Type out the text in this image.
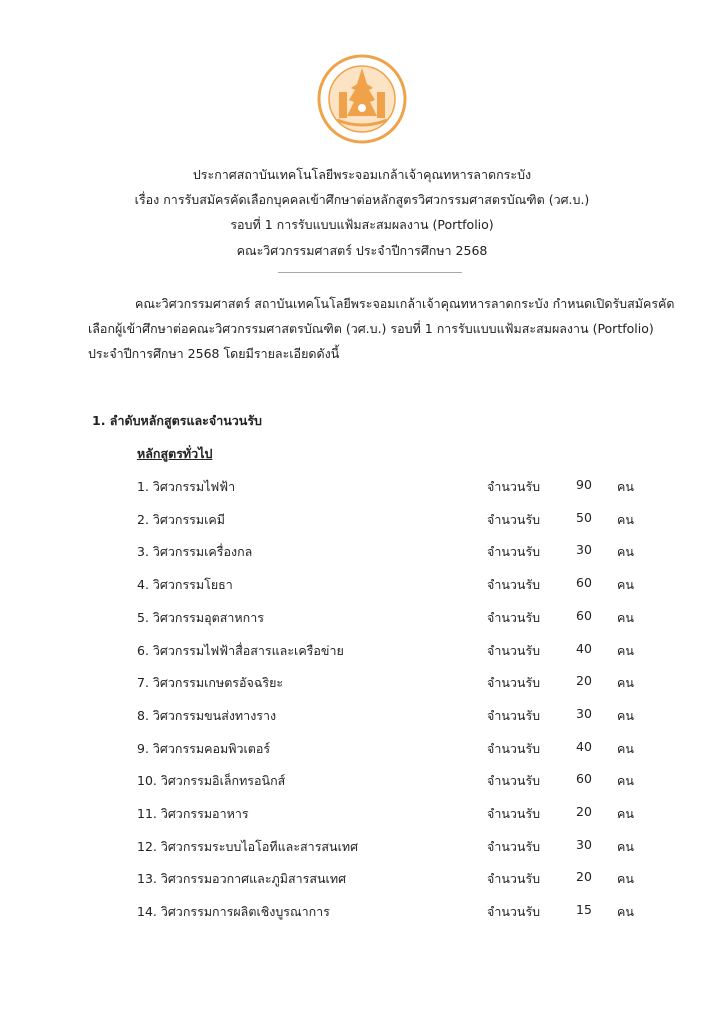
ประกาศสถาบันเทคโนโลยีพระจอมเกล้าเจ้าคุณทหารลาดกระบัง
เรื่อง การรับสมัครคัดเลือกบุคคลเข้าศึกษาต่อหลักสูตรวิศวกรรมศาสตรบัณฑิต (วศ.บ.)
รอบที่ 1 การรับแบบแฟ้มสะสมผลงาน (Portfolio)
คณะวิศวกรรมศาสตร์ ประจำปีการศึกษา 2568
คณะวิศวกรรมศาสตร์ สถาบันเทคโนโลยีพระจอมเกล้าเจ้าคุณทหารลาดกระบัง กำหนดเปิดรับสมัครคัด
เลือกผู้เข้าศึกษาต่อคณะวิศวกรรมศาสตรบัณฑิต (วศ.บ.) รอบที่ 1 การรับแบบแฟ้มสะสมผลงาน (Portfolio)
ประจำปีการศึกษา 2568 โดยมีรายละเอียดดังนี้
1. ลำดับหลักสูตรและจำนวนรับ
หลักสูตรทั่วไป
1. วิศวกรรมไฟฟ้า	จำนวนรับ	90 คน
2. วิศวกรรมเคมี	จำนวนรับ	50 คน
3. วิศวกรรมเครื่องกล	จำนวนรับ	30 คน
4. วิศวกรรมโยธา	จำนวนรับ	60 คน
5. วิศวกรรมอุตสาหการ	จำนวนรับ	60 คน
6. วิศวกรรมไฟฟ้าสื่อสารและเครือข่าย	จำนวนรับ	40 คน
7. วิศวกรรมเกษตรอัจฉริยะ	จำนวนรับ	20 คน
8. วิศวกรรมขนส่งทางราง	จำนวนรับ	30 คน
9. วิศวกรรมคอมพิวเตอร์	จำนวนรับ	40 คน
10. วิศวกรรมอิเล็กทรอนิกส์	จำนวนรับ	60 คน
11. วิศวกรรมอาหาร	จำนวนรับ	20 คน
12. วิศวกรรมระบบไอโอทีและสารสนเทศ	จำนวนรับ	30 คน
13. วิศวกรรมอวกาศและภูมิสารสนเทศ	จำนวนรับ	20 คน
14. วิศวกรรมการผลิตเชิงบูรณาการ	จำนวนรับ	15 คน
